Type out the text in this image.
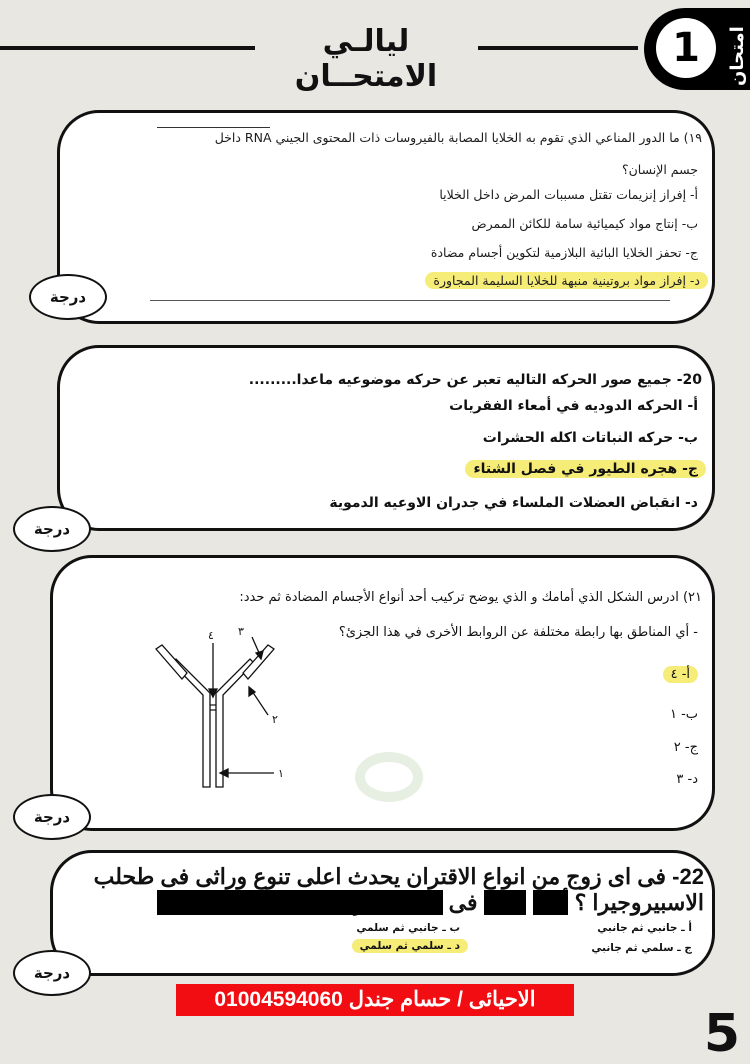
ليالـي الامتحــان
1	امتحان
١٩) ما الدور المناعي الذي تقوم به الخلايا المصابة بالفيروسات ذات المحتوى الجيني RNA داخل
جسم الإنسان؟
أ- إفراز إنزيمات تقتل مسببات المرض داخل الخلايا
ب- إنتاج مواد كيميائية سامة للكائن الممرض
ج- تحفز الخلايا البائية البلازمية لتكوين أجسام مضادة
د- إفراز مواد بروتينية منبهة للخلايا السليمة المجاورة
درجة
20- جميع صور الحركه التاليه تعبر عن حركه موضوعيه ماعدا.........
أ- الحركه الدوديه في أمعاء الفقريات
ب- حركه النباتات اكله الحشرات
ج- هجره الطيور في فصل الشتاء
د- انقباض العضلات الملساء في جدران الاوعيه الدموية
درجة
٢١) ادرس الشكل الذي أمامك و الذي يوضح تركيب أحد أنواع الأجسام المضادة ثم حدد:
- أي المناطق بها رابطة مختلفة عن الروابط الأخرى في هذا الجزئ؟
أ- ٤
ب- ١
ج- ٢
د- ٣
٤ ٣
٢
١
درجة
22- فى اى زوج من انواع الاقتران يحدث اعلى تنوع وراثى فى طحلب
الاسبيروجيرا ؟ أثناء         فى فى اى مرحلة حدث تلك الخلل ؟
أ ـ جانبي ثم جانبي
ب ـ جانبي ثم سلمي
ج ـ سلمي ثم جانبي
د ـ سلمي ثم سلمي
درجة
الاحيائى / حسام جندل 01004594060
5
